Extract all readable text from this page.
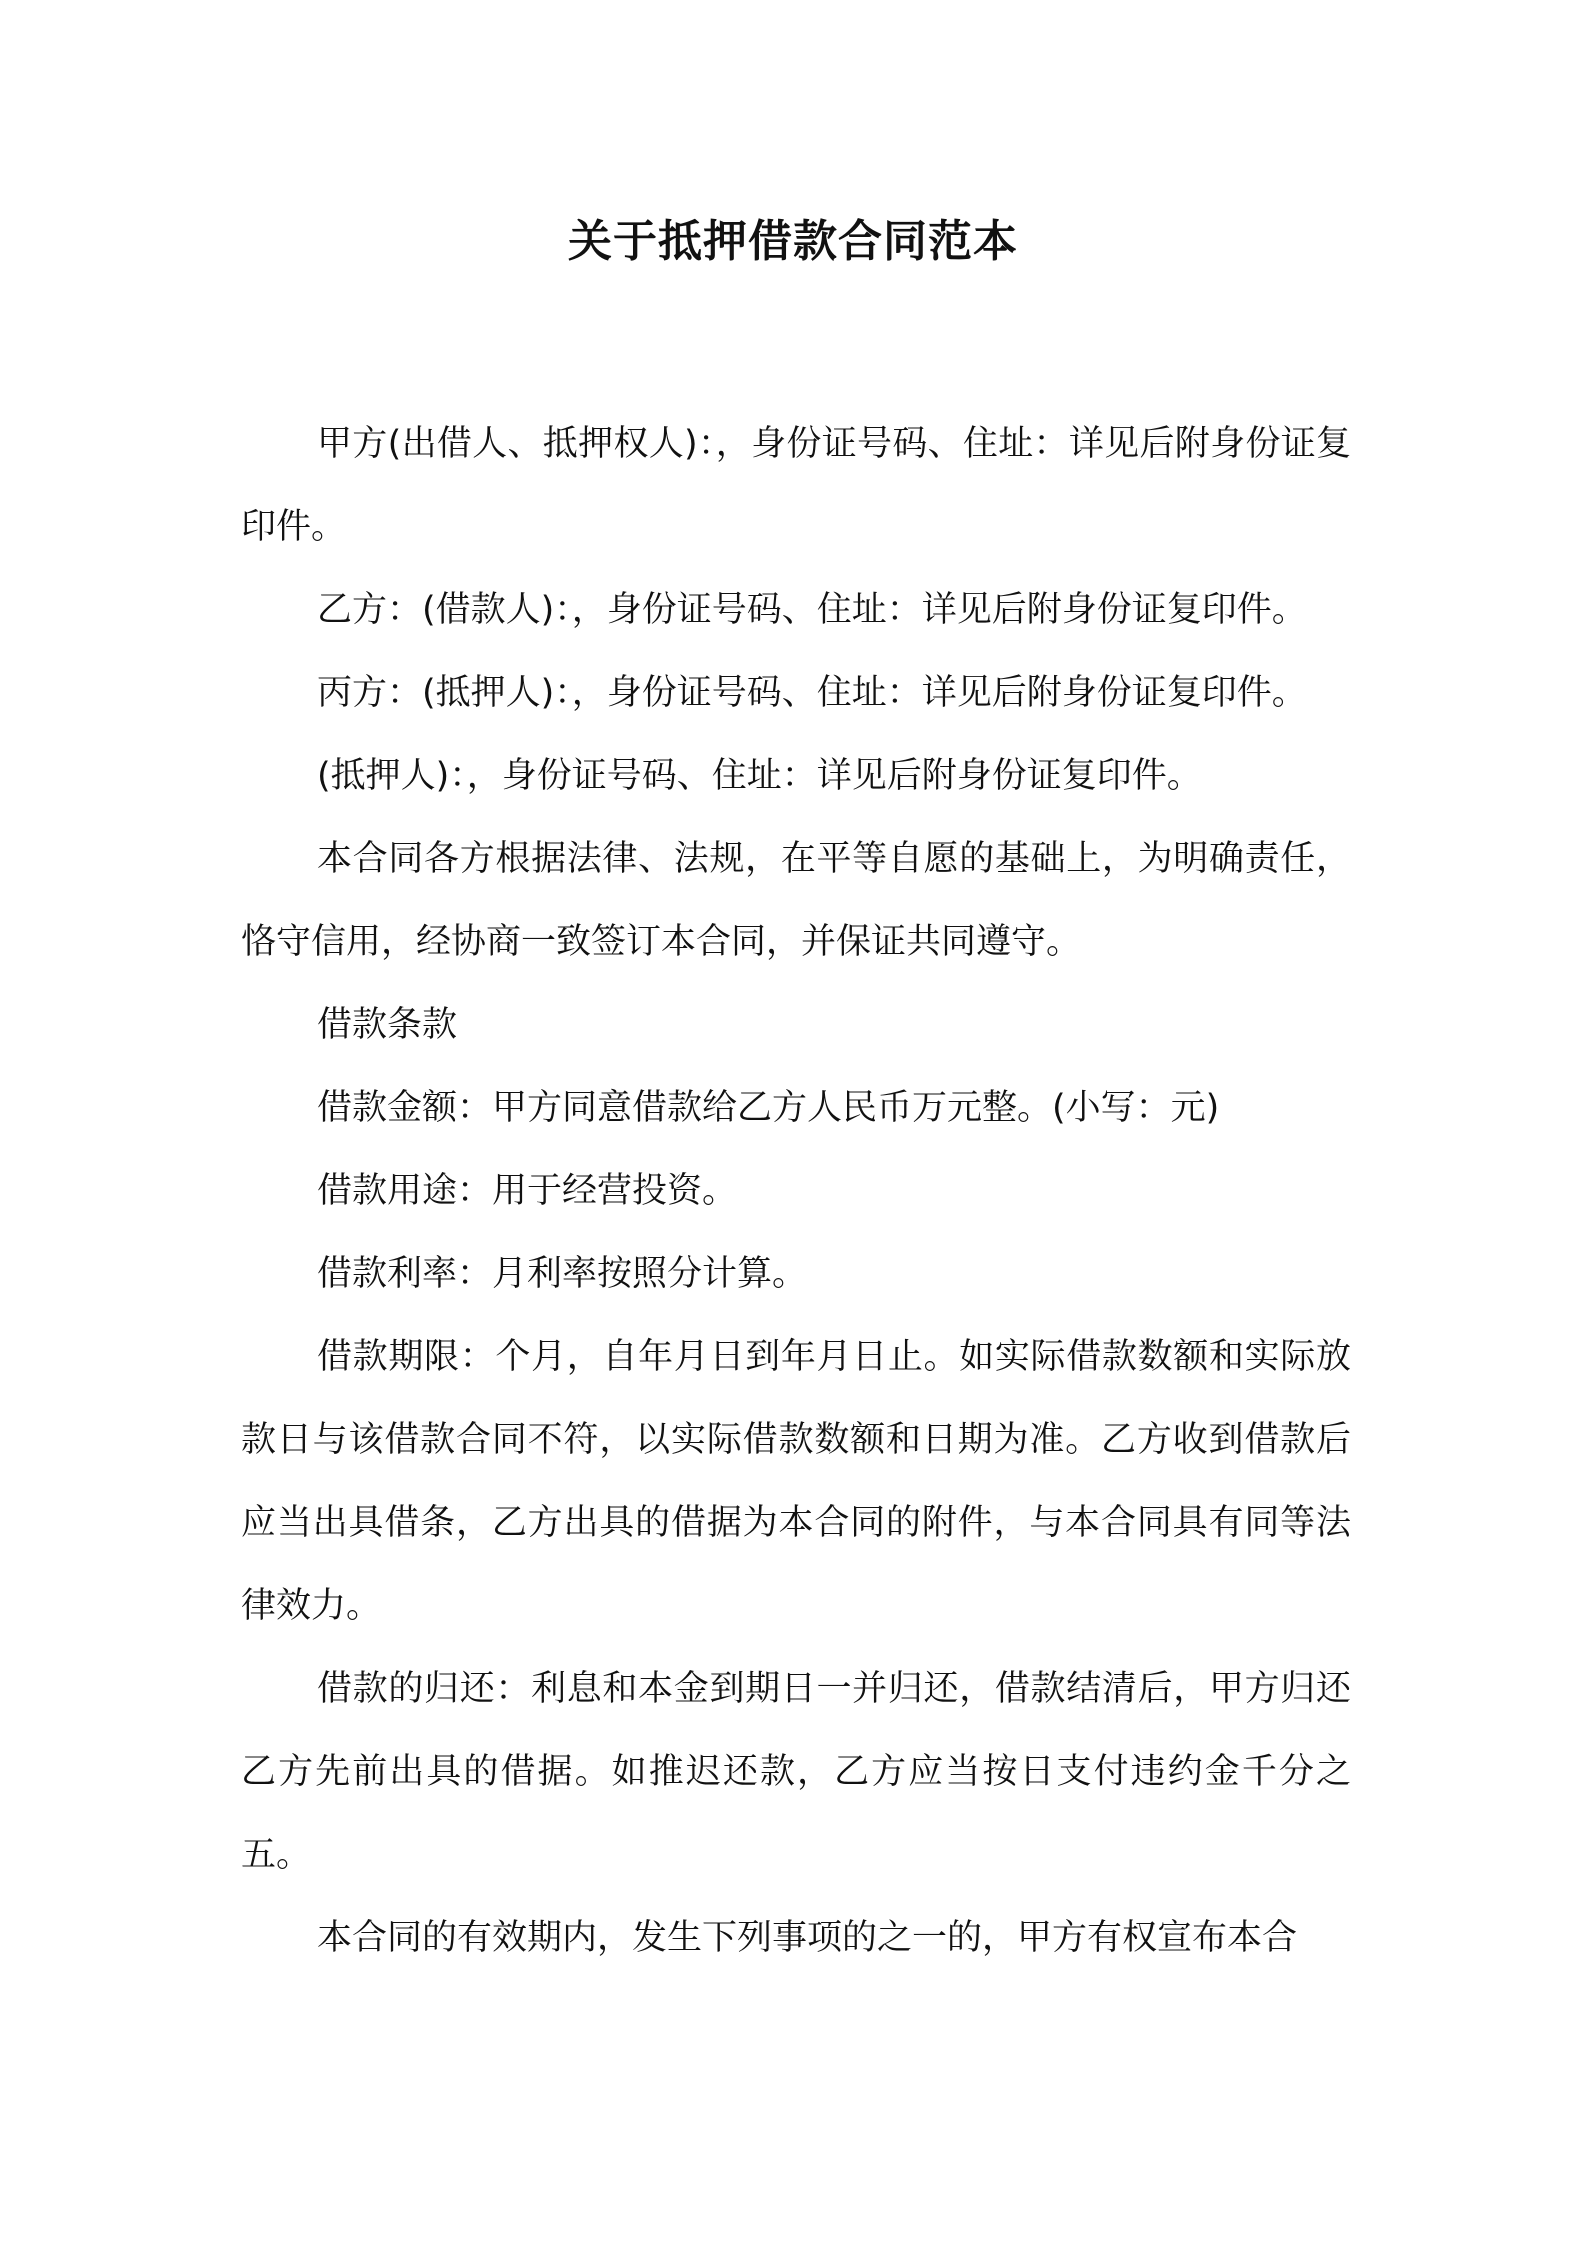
关于抵押借款合同范本

甲方(出借人、抵押权人)：，身份证号码、住址：详见后附身份证复印件。

乙方：(借款人)：，身份证号码、住址：详见后附身份证复印件。

丙方：(抵押人)：，身份证号码、住址：详见后附身份证复印件。

(抵押人)：，身份证号码、住址：详见后附身份证复印件。

本合同各方根据法律、法规，在平等自愿的基础上，为明确责任，恪守信用，经协商一致签订本合同，并保证共同遵守。

借款条款

借款金额：甲方同意借款给乙方人民币万元整。(小写：元)

借款用途：用于经营投资。

借款利率：月利率按照分计算。

借款期限：个月，自年月日到年月日止。如实际借款数额和实际放款日与该借款合同不符，以实际借款数额和日期为准。乙方收到借款后应当出具借条，乙方出具的借据为本合同的附件，与本合同具有同等法律效力。

借款的归还：利息和本金到期日一并归还，借款结清后，甲方归还乙方先前出具的借据。如推迟还款，乙方应当按日支付违约金千分之五。

本合同的有效期内，发生下列事项的之一的，甲方有权宣布本合
